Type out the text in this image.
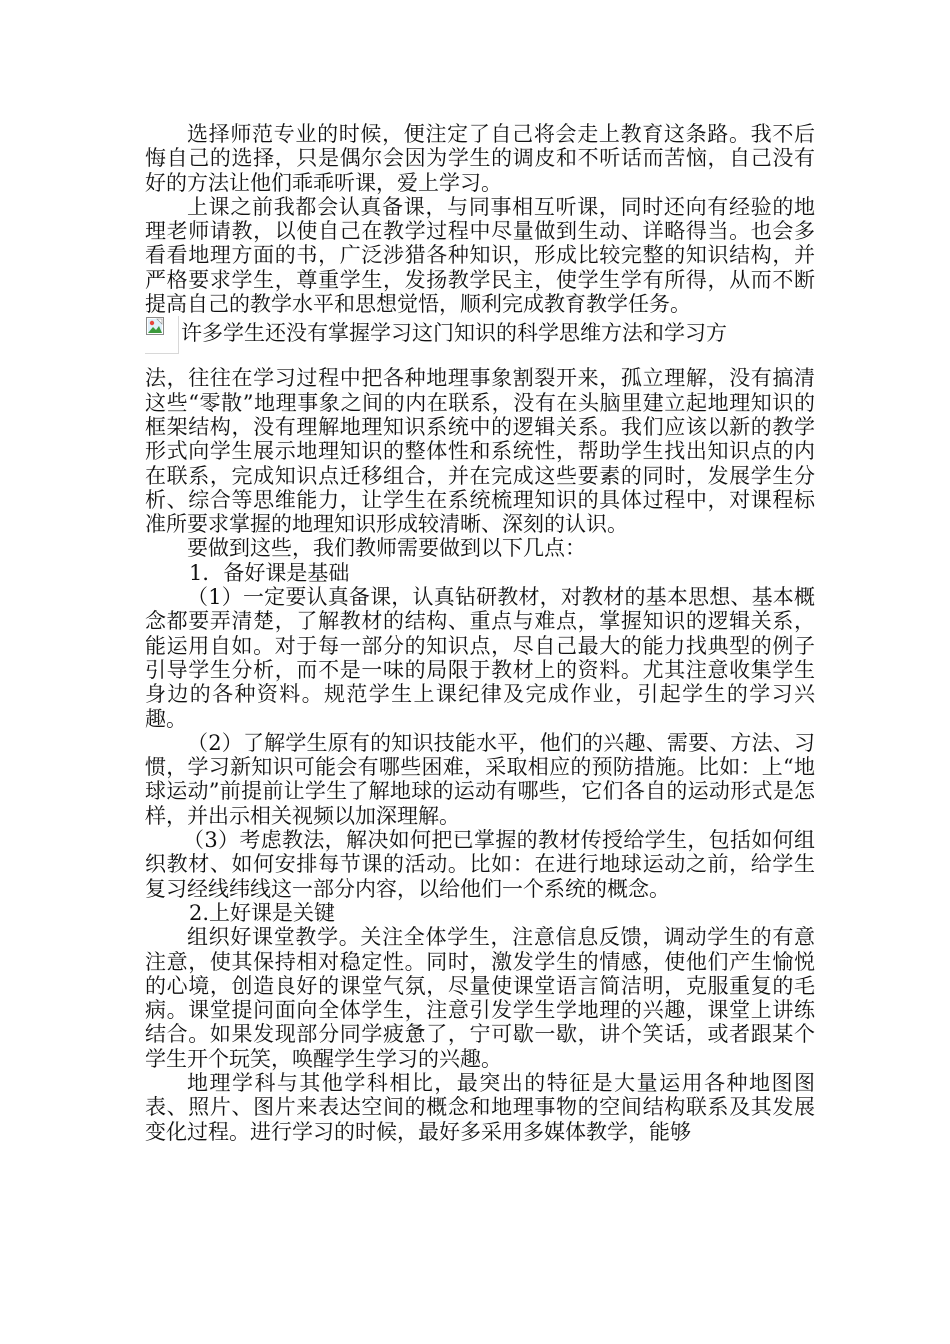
选择师范专业的时候，便注定了自己将会走上教育这条路。我不后悔自己的选择，只是偶尔会因为学生的调皮和不听话而苦恼，自己没有好的方法让他们乖乖听课，爱上学习。

上课之前我都会认真备课，与同事相互听课，同时还向有经验的地理老师请教，以使自己在教学过程中尽量做到生动、详略得当。也会多看看地理方面的书，广泛涉猎各种知识，形成比较完整的知识结构，并严格要求学生，尊重学生，发扬教学民主，使学生学有所得，从而不断提高自己的教学水平和思想觉悟，顺利完成教育教学任务。

许多学生还没有掌握学习这门知识的科学思维方法和学习方
法，往往在学习过程中把各种地理事象割裂开来，孤立理解，没有搞清这些“零散”地理事象之间的内在联系，没有在头脑里建立起地理知识的框架结构，没有理解地理知识系统中的逻辑关系。我们应该以新的教学形式向学生展示地理知识的整体性和系统性，帮助学生找出知识点的内在联系，完成知识点迁移组合，并在完成这些要素的同时，发展学生分析、综合等思维能力，让学生在系统梳理知识的具体过程中，对课程标准所要求掌握的地理知识形成较清晰、深刻的认识。

要做到这些，我们教师需要做到以下几点：

1．备好课是基础

（1）一定要认真备课，认真钻研教材，对教材的基本思想、基本概念都要弄清楚，了解教材的结构、重点与难点，掌握知识的逻辑关系，能运用自如。对于每一部分的知识点，尽自己最大的能力找典型的例子引导学生分析，而不是一味的局限于教材上的资料。尤其注意收集学生身边的各种资料。规范学生上课纪律及完成作业，引起学生的学习兴趣。

（2）了解学生原有的知识技能水平，他们的兴趣、需要、方法、习惯，学习新知识可能会有哪些困难，采取相应的预防措施。比如：上“地球运动”前提前让学生了解地球的运动有哪些，它们各自的运动形式是怎样，并出示相关视频以加深理解。

（3）考虑教法，解决如何把已掌握的教材传授给学生，包括如何组织教材、如何安排每节课的活动。比如：在进行地球运动之前，给学生复习经线纬线这一部分内容，以给他们一个系统的概念。

2.上好课是关键

组织好课堂教学。关注全体学生，注意信息反馈，调动学生的有意注意，使其保持相对稳定性。同时，激发学生的情感，使他们产生愉悦的心境，创造良好的课堂气氛，尽量使课堂语言简洁明，克服重复的毛病。课堂提问面向全体学生，注意引发学生学地理的兴趣，课堂上讲练结合。如果发现部分同学疲惫了，宁可歇一歇，讲个笑话，或者跟某个学生开个玩笑，唤醒学生学习的兴趣。

地理学科与其他学科相比，最突出的特征是大量运用各种地图图表、照片、图片来表达空间的概念和地理事物的空间结构联系及其发展变化过程。进行学习的时候，最好多采用多媒体教学，能够
